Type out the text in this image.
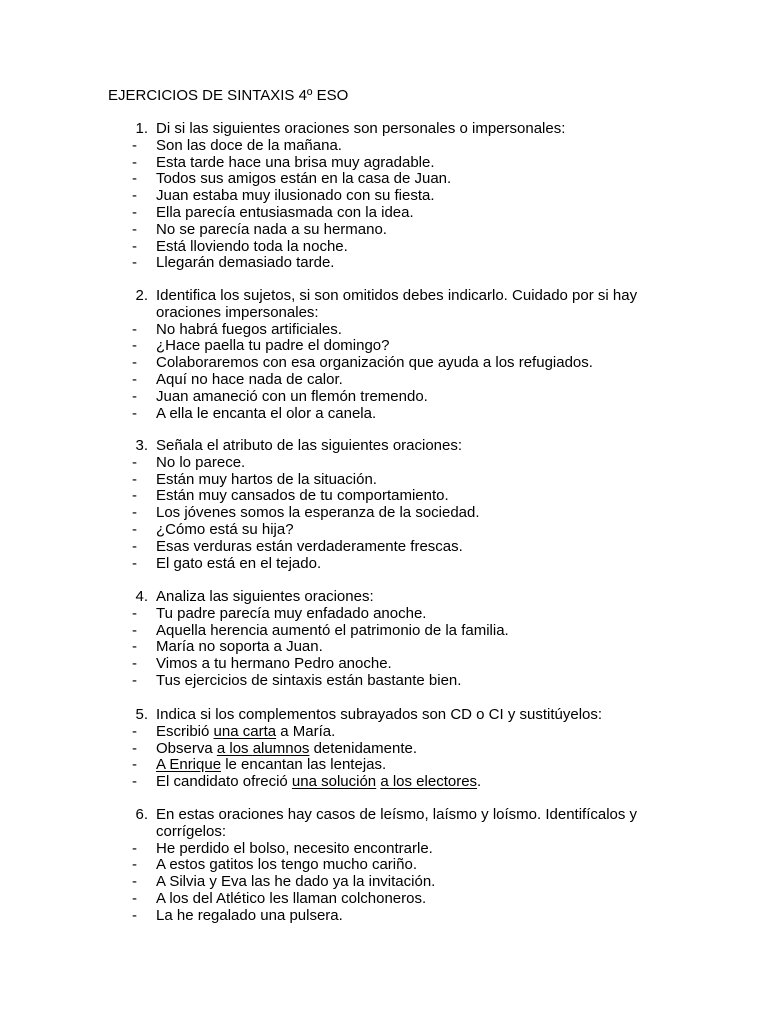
EJERCICIOS DE SINTAXIS 4º ESO
1. Di si las siguientes oraciones son personales o impersonales:
- Son las doce de la mañana.
- Esta tarde hace una brisa muy agradable.
- Todos sus amigos están en la casa de Juan.
- Juan estaba muy ilusionado con su fiesta.
- Ella parecía entusiasmada con la idea.
- No se parecía nada a su hermano.
- Está lloviendo toda la noche.
- Llegarán demasiado tarde.
2. Identifica los sujetos, si son omitidos debes indicarlo. Cuidado por si hay oraciones impersonales:
- No habrá fuegos artificiales.
- ¿Hace paella tu padre el domingo?
- Colaboraremos con esa organización que ayuda a los refugiados.
- Aquí no hace nada de calor.
- Juan amaneció con un flemón tremendo.
- A ella le encanta el olor a canela.
3. Señala el atributo de las siguientes oraciones:
- No lo parece.
- Están muy hartos de la situación.
- Están muy cansados de tu comportamiento.
- Los jóvenes somos la esperanza de la sociedad.
- ¿Cómo está su hija?
- Esas verduras están verdaderamente frescas.
- El gato está en el tejado.
4. Analiza las siguientes oraciones:
- Tu padre parecía muy enfadado anoche.
- Aquella herencia aumentó el patrimonio de la familia.
- María no soporta a Juan.
- Vimos a tu hermano Pedro anoche.
- Tus ejercicios de sintaxis están bastante bien.
5. Indica si los complementos subrayados son CD o CI y sustitúyelos:
- Escribió una carta a María.
- Observa a los alumnos detenidamente.
- A Enrique le encantan las lentejas.
- El candidato ofreció una solución a los electores.
6. En estas oraciones hay casos de leísmo, laísmo y loísmo. Identifícalos y corrígelos:
- He perdido el bolso, necesito encontrarle.
- A estos gatitos los tengo mucho cariño.
- A Silvia y Eva las he dado ya la invitación.
- A los del Atlético les llaman colchoneros.
- La he regalado una pulsera.
